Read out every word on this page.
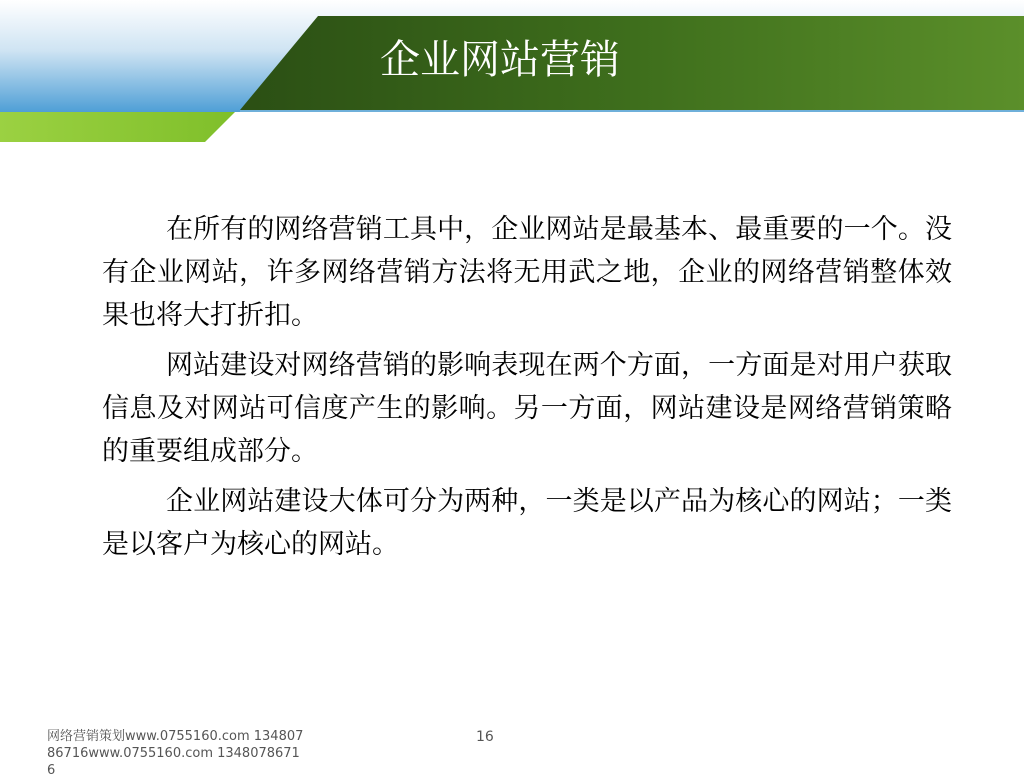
企业网站营销

在所有的网络营销工具中，企业网站是最基本、最重要的一个。没有企业网站，许多网络营销方法将无用武之地，企业的网络营销整体效果也将大打折扣。

网站建设对网络营销的影响表现在两个方面，一方面是对用户获取信息及对网站可信度产生的影响。另一方面，网站建设是网络营销策略的重要组成部分。

企业网站建设大体可分为两种，一类是以产品为核心的网站；一类是以客户为核心的网站。

网络营销策划www.0755160.com 13480786716www.0755160.com 13480786716
16
